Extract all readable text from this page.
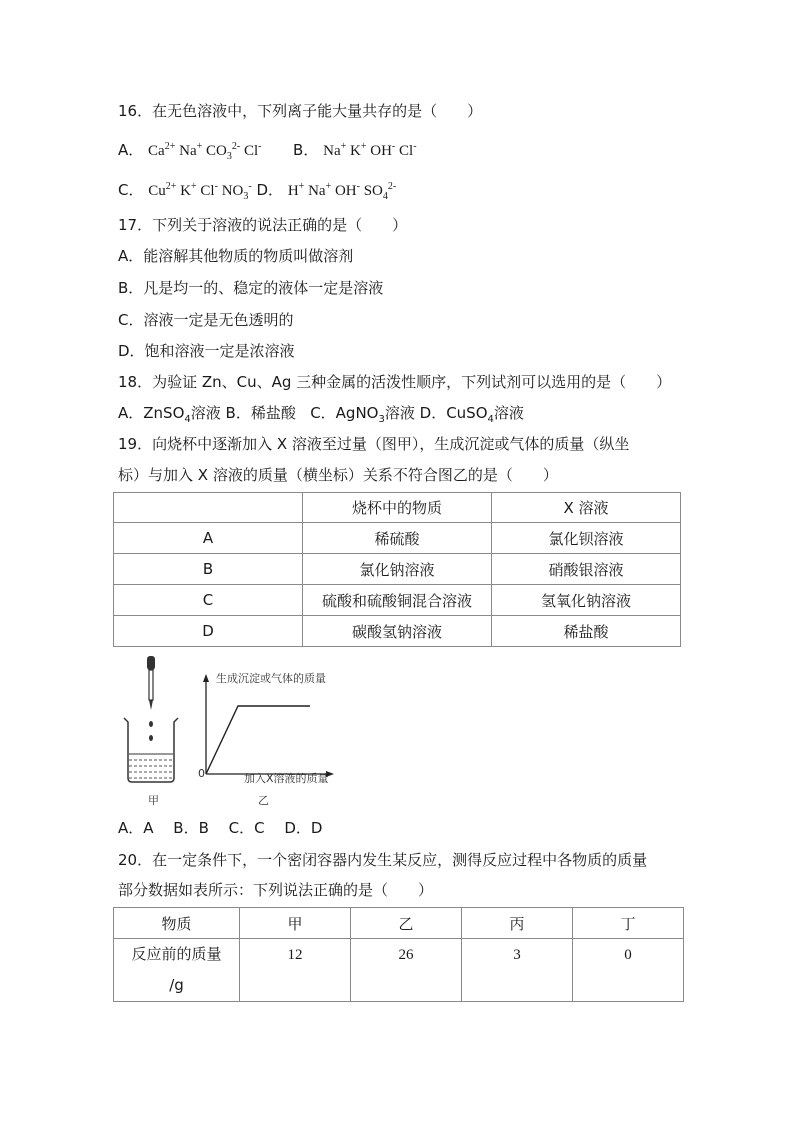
16．在无色溶液中，下列离子能大量共存的是（　　）
A． $Ca^{2+}$ Na+ $CO_3^{2-}$ Cl- B． Na+ K+ OH- Cl-
C． $Cu^{2+}$ K+ Cl- $NO_3^-$ D． H+ Na+ OH- $SO_4^{2-}$
17．下列关于溶液的说法正确的是（　　）
A．能溶解其他物质的物质叫做溶剂
B．凡是均一的、稳定的液体一定是溶液
C．溶液一定是无色透明的
D．饱和溶液一定是浓溶液
18．为验证 Zn、Cu、Ag 三种金属的活泼性顺序，下列试剂可以选用的是（　　）
A．ZnSO$_4$溶液 B．稀盐酸 C．AgNO$_3$溶液 D．CuSO$_4$溶液
19．向烧杯中逐渐加入 X 溶液至过量（图甲），生成沉淀或气体的质量（纵坐
标）与加入 X 溶液的质量（横坐标）关系不符合图乙的是（　　）
	烧杯中的物质	X 溶液
A	稀硫酸	氯化钡溶液
B	氯化钠溶液	硝酸银溶液
C	硫酸和硫酸铜混合溶液	氢氧化钠溶液
D	碳酸氢钠溶液	稀盐酸
生成沉淀或气体的质量
加入X溶液的质量
0
甲	乙
A．A　 B．B　 C．C　 D．D
20．在一定条件下，一个密闭容器内发生某反应，测得反应过程中各物质的质量
部分数据如表所示：下列说法正确的是（　　）
物质	甲	乙	丙	丁

反应前的质量
/g	12	26	3	0
